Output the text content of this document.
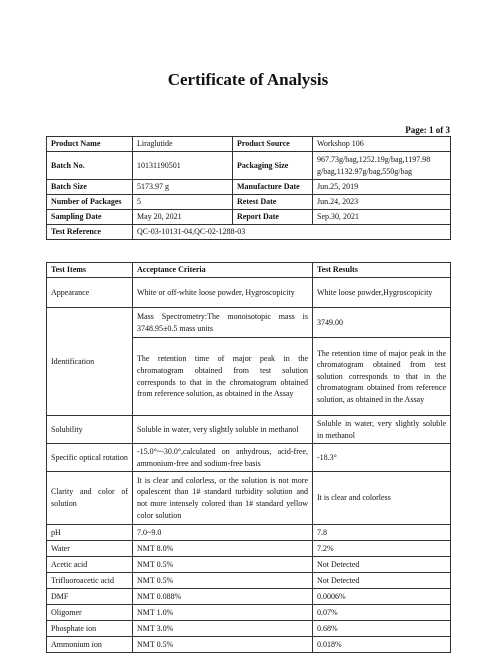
Certificate of Analysis
Page: 1 of 3
Product Name	Liraglutide	Product Source	Workshop 106
Batch No.	10131190501	Packaging Size	967.73g/bag,1252.19g/bag,1197.98 g/bag,1132.97g/bag,550g/bag
Batch Size	5173.97 g	Manufacture Date	Jun.25, 2019
Number of Packages	5	Retest Date	Jun.24, 2023
Sampling Date	May 20, 2021	Report Date	Sep.30, 2021
Test Reference	QC-03-10131-04,QC-02-1288-03		
Test Items	Acceptance Criteria	Test Results
Appearance	White or off-white loose powder, Hygroscopicity	White loose powder,Hygroscopicity
Identification	Mass Spectrometry:The monoisotopic mass is 3748.95±0.5 mass units	3749.00
	The retention time of major peak in the chromatogram obtained from test solution corresponds to that in the chromatogram obtained from reference solution, as obtained in the Assay	The retention time of major peak in the chromatogram obtained from test solution corresponds to that in the chromatogram obtained from reference solution, as obtained in the Assay
Solubility	Soluble in water, very slightly soluble in methanol	Soluble in water, very slightly soluble in methanol
Specific optical rotation	-15.0°~-30.0°,calculated on anhydrous, acid-free, ammonium-free and sodium-free basis	-18.3°
Clarity and color of solution	It is clear and colorless, or the solution is not more opalescent than 1# standard turbidity solution and not more intensely colored than 1# standard yellow color solution	It is clear and colorless
pH	7.0~9.0	7.8
Water	NMT 8.0%	7.2%
Acetic acid	NMT 0.5%	Not Detected
Trifluoroacetic acid	NMT 0.5%	Not Detected
DMF	NMT 0.088%	0.0006%
Oligomer	NMT 1.0%	0.07%
Phosphate ion	NMT 3.0%	0.68%
Ammonium ion	NMT 0.5%	0.018%
